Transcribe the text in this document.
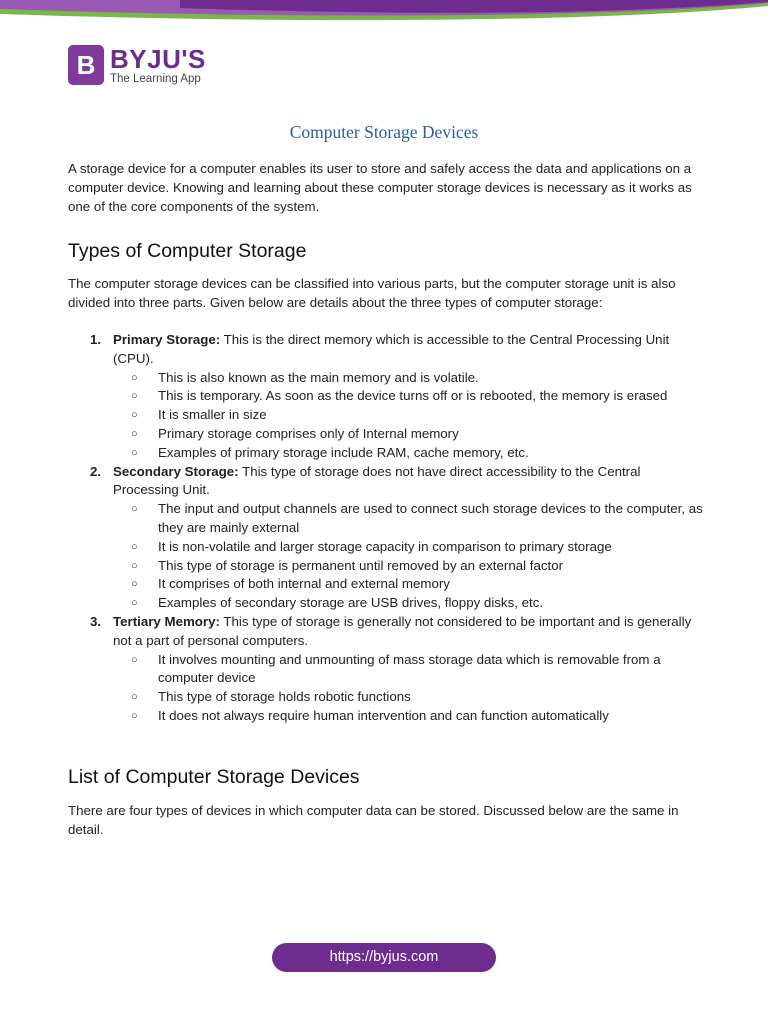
B BYJU'S
The Learning App
Computer Storage Devices
A storage device for a computer enables its user to store and safely access the data and applications on a computer device. Knowing and learning about these computer storage devices is necessary as it works as one of the core components of the system.
Types of Computer Storage
The computer storage devices can be classified into various parts, but the computer storage unit is also divided into three parts. Given below are details about the three types of computer storage:
1. Primary Storage: This is the direct memory which is accessible to the Central Processing Unit (CPU).
○ This is also known as the main memory and is volatile.
○ This is temporary. As soon as the device turns off or is rebooted, the memory is erased
○ It is smaller in size
○ Primary storage comprises only of Internal memory
○ Examples of primary storage include RAM, cache memory, etc.
2. Secondary Storage: This type of storage does not have direct accessibility to the Central Processing Unit.
○ The input and output channels are used to connect such storage devices to the computer, as they are mainly external
○ It is non-volatile and larger storage capacity in comparison to primary storage
○ This type of storage is permanent until removed by an external factor
○ It comprises of both internal and external memory
○ Examples of secondary storage are USB drives, floppy disks, etc.
3. Tertiary Memory: This type of storage is generally not considered to be important and is generally not a part of personal computers.
○ It involves mounting and unmounting of mass storage data which is removable from a computer device
○ This type of storage holds robotic functions
○ It does not always require human intervention and can function automatically
List of Computer Storage Devices
There are four types of devices in which computer data can be stored. Discussed below are the same in detail.
https://byjus.com
